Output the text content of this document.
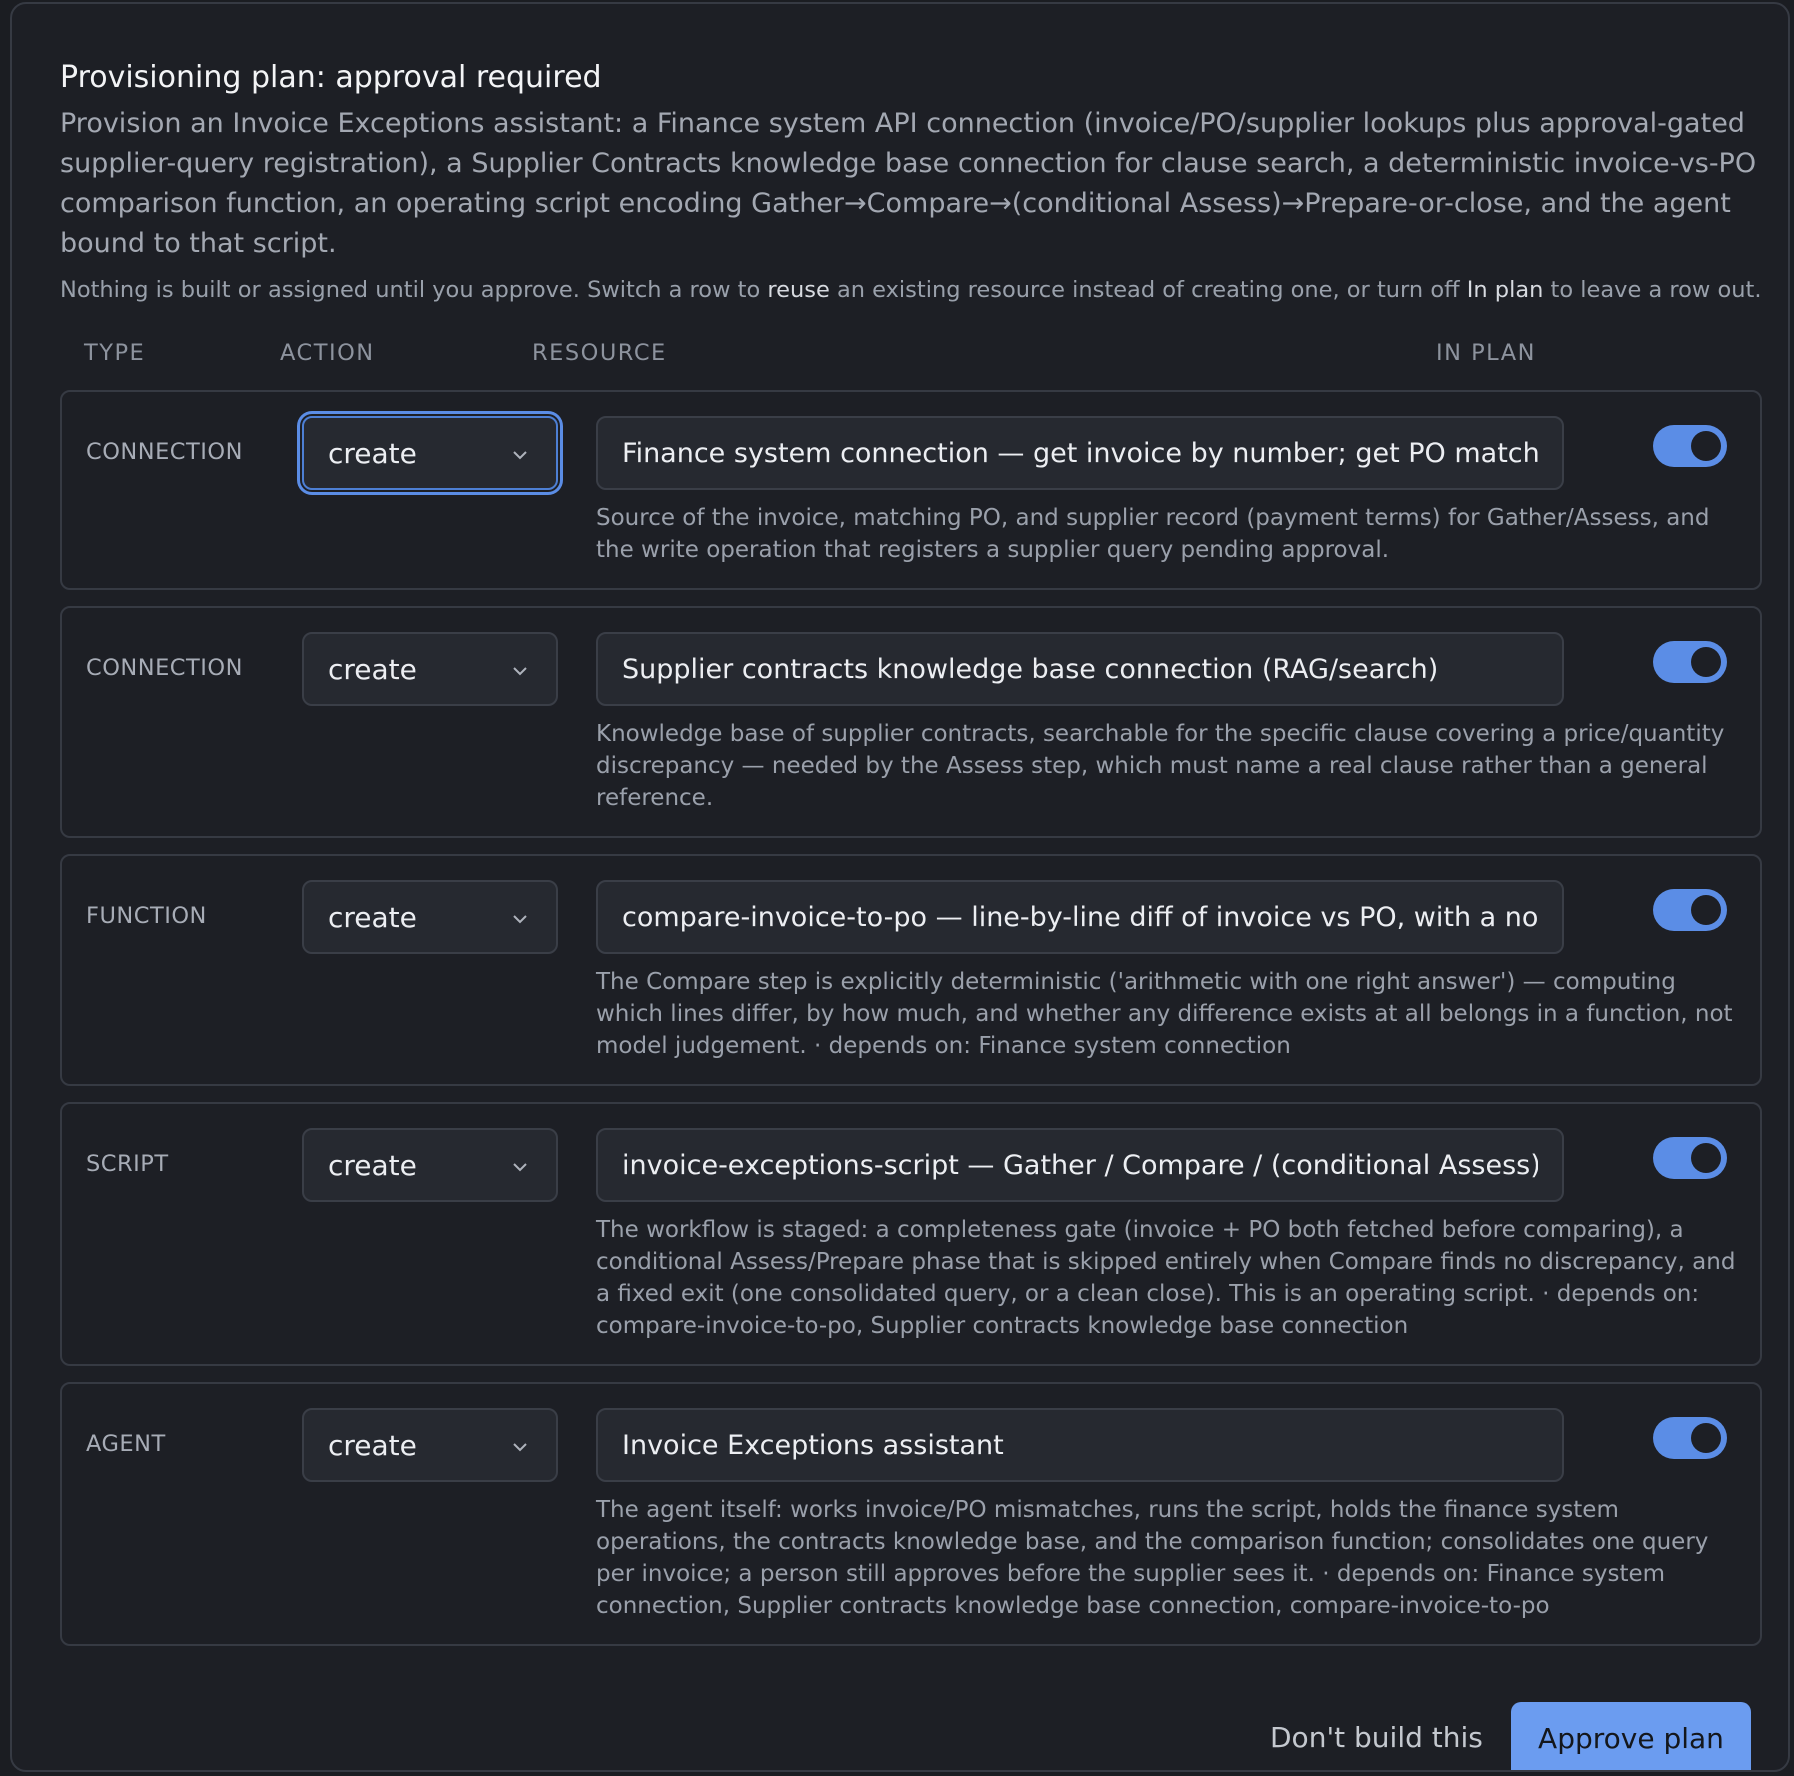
Provisioning plan: approval required

Provision an Invoice Exceptions assistant: a Finance system API connection (invoice/PO/supplier lookups plus approval-gated supplier-query registration), a Supplier Contracts knowledge base connection for clause search, a deterministic invoice-vs-PO comparison function, an operating script encoding Gather→Compare→(conditional Assess)→Prepare-or-close, and the agent bound to that script.

Nothing is built or assigned until you approve. Switch a row to reuse an existing resource instead of creating one, or turn off In plan to leave a row out.

TYPE	ACTION	RESOURCE	IN PLAN
CONNECTION	create
Finance system connection — get invoice by number; get PO matching invoice; get supplier record; register supplier query
Source of the invoice, matching PO, and supplier record (payment terms) for Gather/Assess, and the write operation that registers a supplier query pending approval.
CONNECTION	create
Supplier contracts knowledge base connection (RAG/search)
Knowledge base of supplier contracts, searchable for the specific clause covering a price/quantity discrepancy — needed by the Assess step, which must name a real clause rather than a general reference.
FUNCTION	create
compare-invoice-to-po — line-by-line diff of invoice vs PO, with a no-discrepancy result
The Compare step is explicitly deterministic ('arithmetic with one right answer') — computing which lines differ, by how much, and whether any difference exists at all belongs in a function, not model judgement. · depends on: Finance system connection
SCRIPT	create
invoice-exceptions-script — Gather / Compare / (conditional Assess)
The workflow is staged: a completeness gate (invoice + PO both fetched before comparing), a conditional Assess/Prepare phase that is skipped entirely when Compare finds no discrepancy, and a fixed exit (one consolidated query, or a clean close). This is an operating script. · depends on: compare-invoice-to-po, Supplier contracts knowledge base connection
AGENT	create
Invoice Exceptions assistant
The agent itself: works invoice/PO mismatches, runs the script, holds the finance system operations, the contracts knowledge base, and the comparison function; consolidates one query per invoice; a person still approves before the supplier sees it. · depends on: Finance system connection, Supplier contracts knowledge base connection, compare-invoice-to-po
Don't build this	Approve plan
